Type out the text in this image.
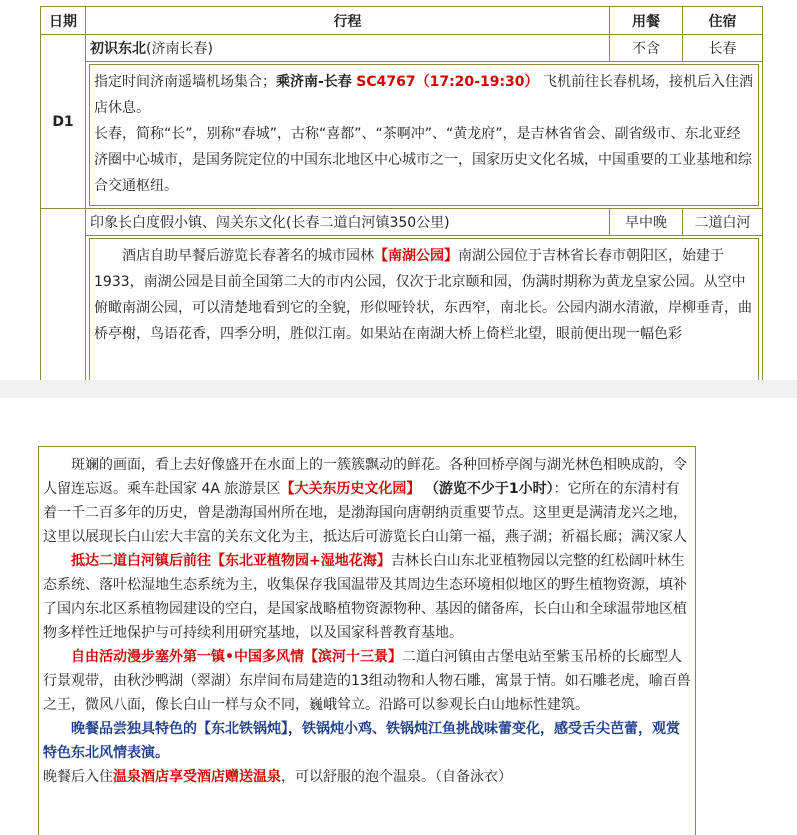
日期	行程	用餐	住宿
D1	初识东北(济南长春)	不含	长春

	指定时间济南遥墙机场集合；乘济南-长春 SC4767（17:20-19:30） 飞机前往长春机场，接机后入住酒店休息。
长春，简称“长”，别称“春城”，古称“喜都”、“茶啊冲”、“黄龙府”，是吉林省省会、副省级市、东北亚经济圈中心城市，是国务院定位的中国东北地区中心城市之一，国家历史文化名城，中国重要的工业基地和综合交通枢纽。		

	印象长白度假小镇、闯关东文化(长春二道白河镇350公里)	早中晚	二道白河

	酒店自助早餐后游览长春著名的城市园林【南湖公园】南湖公园位于吉林省长春市朝阳区，始建于1933，南湖公园是目前全国第二大的市内公园，仅次于北京颐和园，伪满时期称为黄龙皇家公园。从空中俯瞰南湖公园，可以清楚地看到它的全貌，形似哑铃状，东西窄，南北长。公园内湖水清澈，岸柳垂青，曲桥亭榭，鸟语花香，四季分明，胜似江南。如果站在南湖大桥上倚栏北望，眼前便出现一幅色彩		

斑斓的画面，看上去好像盛开在水面上的一簇簇飘动的鲜花。各种回桥亭阁与湖光林色相映成韵，令人留连忘返。乘车赴国家 4A 旅游景区【大关东历史文化园】 （游览不少于1小时）：它所在的东清村有着一千二百多年的历史，曾是渤海国州所在地，是渤海国向唐朝纳贡重要节点。这里更是满清龙兴之地，这里以展现长白山宏大丰富的关东文化为主，抵达后可游览长白山第一福，燕子湖；祈福长廊；满汉家人

抵达二道白河镇后前往【东北亚植物园+湿地花海】吉林长白山东北亚植物园以完整的红松阔叶林生态系统、落叶松湿地生态系统为主，收集保存我国温带及其周边生态环境相似地区的野生植物资源，填补了国内东北区系植物园建设的空白，是国家战略植物资源物种、基因的储备库，长白山和全球温带地区植物多样性迁地保护与可持续利用研究基地，以及国家科普教育基地。

自由活动漫步塞外第一镇•中国多风情【滨河十三景】二道白河镇由古堡电站至紫玉吊桥的长廊型人行景观带，由秋沙鸭湖（翠湖）东岸间布局建造的13组动物和人物石雕，寓景于情。如石雕老虎，喻百兽之王，微风八面，像长白山一样与众不同，巍峨耸立。沿路可以参观长白山地标性建筑。

晚餐品尝独具特色的【东北铁锅炖】，铁锅炖小鸡、铁锅炖江鱼挑战味蕾变化，感受舌尖芭蕾，观赏特色东北风情表演。

晚餐后入住温泉酒店享受酒店赠送温泉，可以舒服的泡个温泉。（自备泳衣）
